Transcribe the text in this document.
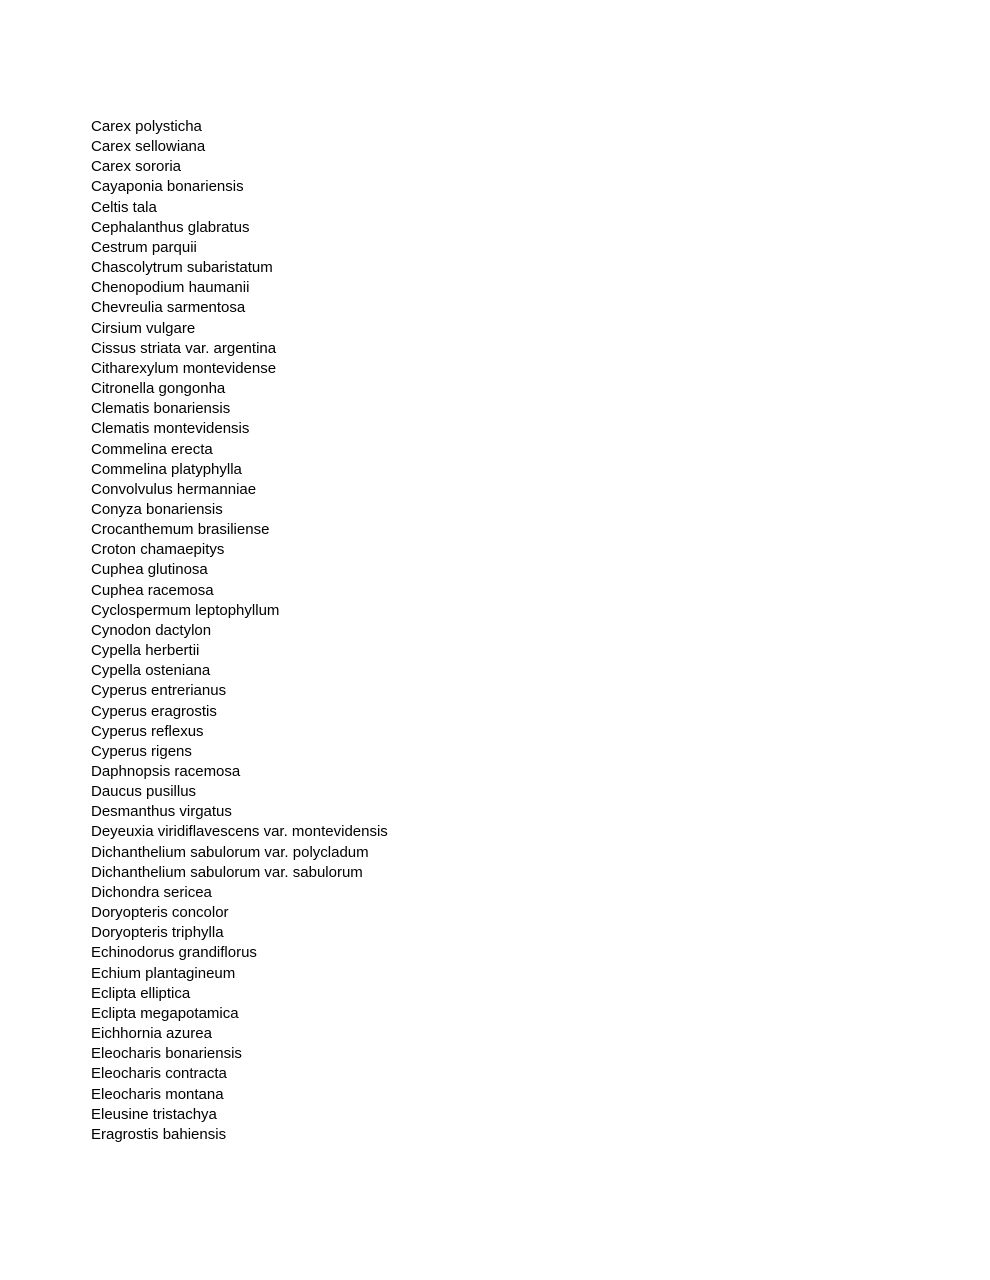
Carex polysticha
Carex sellowiana
Carex sororia
Cayaponia bonariensis
Celtis tala
Cephalanthus glabratus
Cestrum parquii
Chascolytrum subaristatum
Chenopodium haumanii
Chevreulia sarmentosa
Cirsium vulgare
Cissus striata var. argentina
Citharexylum montevidense
Citronella gongonha
Clematis bonariensis
Clematis montevidensis
Commelina erecta
Commelina platyphylla
Convolvulus hermanniae
Conyza bonariensis
Crocanthemum brasiliense
Croton chamaepitys
Cuphea glutinosa
Cuphea racemosa
Cyclospermum leptophyllum
Cynodon dactylon
Cypella herbertii
Cypella osteniana
Cyperus entrerianus
Cyperus eragrostis
Cyperus reflexus
Cyperus rigens
Daphnopsis racemosa
Daucus pusillus
Desmanthus virgatus
Deyeuxia viridiflavescens var. montevidensis
Dichanthelium sabulorum var. polycladum
Dichanthelium sabulorum var. sabulorum
Dichondra sericea
Doryopteris concolor
Doryopteris triphylla
Echinodorus grandiflorus
Echium plantagineum
Eclipta elliptica
Eclipta megapotamica
Eichhornia azurea
Eleocharis bonariensis
Eleocharis contracta
Eleocharis montana
Eleusine tristachya
Eragrostis bahiensis
